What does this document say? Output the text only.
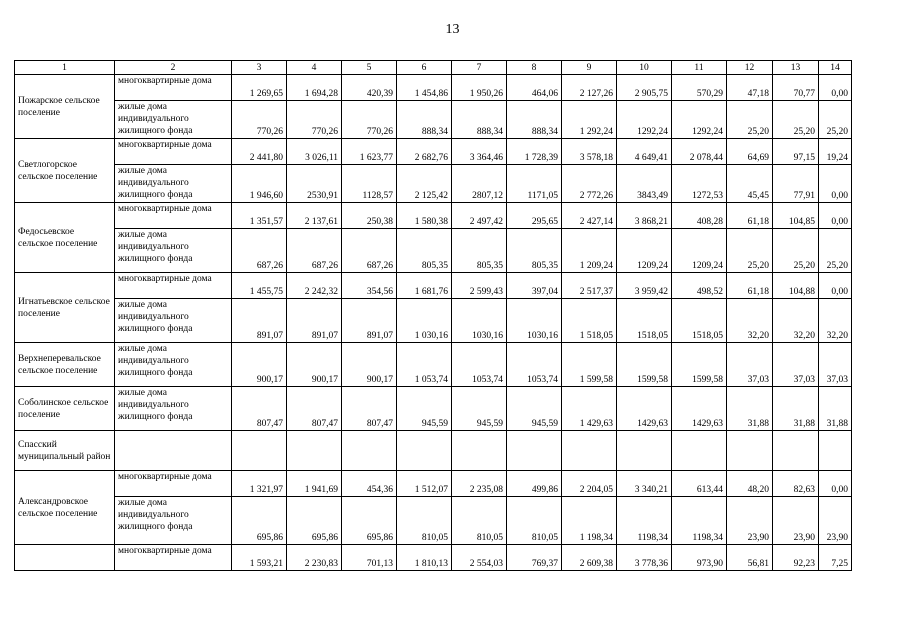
13
1	2	3	4	5	6	7	8	9	10	11	12	13	14
Пожарское сельское поселение	многоквартирные дома	1 269,65	1 694,28	420,39	1 454,86	1 950,26	464,06	2 127,26	2 905,75	570,29	47,18	70,77	0,00
	жилые дома индивидуального жилищного фонда	770,26	770,26	770,26	888,34	888,34	888,34	1 292,24	1292,24	1292,24	25,20	25,20	25,20
Светлогорское сельское поселение	многоквартирные дома	2 441,80	3 026,11	1 623,77	2 682,76	3 364,46	1 728,39	3 578,18	4 649,41	2 078,44	64,69	97,15	19,24
	жилые дома индивидуального жилищного фонда	1 946,60	2530,91	1128,57	2 125,42	2807,12	1171,05	2 772,26	3843,49	1272,53	45,45	77,91	0,00
Федосьевское сельское поселение	многоквартирные дома	1 351,57	2 137,61	250,38	1 580,38	2 497,42	295,65	2 427,14	3 868,21	408,28	61,18	104,85	0,00
	жилые дома индивидуального жилищного фонда	687,26	687,26	687,26	805,35	805,35	805,35	1 209,24	1209,24	1209,24	25,20	25,20	25,20
Игнатьевское сельское поселение	многоквартирные дома	1 455,75	2 242,32	354,56	1 681,76	2 599,43	397,04	2 517,37	3 959,42	498,52	61,18	104,88	0,00
	жилые дома индивидуального жилищного фонда	891,07	891,07	891,07	1 030,16	1030,16	1030,16	1 518,05	1518,05	1518,05	32,20	32,20	32,20
Верхнеперевальское сельское поселение	жилые дома индивидуального жилищного фонда	900,17	900,17	900,17	1 053,74	1053,74	1053,74	1 599,58	1599,58	1599,58	37,03	37,03	37,03
Соболинское сельское поселение	жилые дома индивидуального жилищного фонда	807,47	807,47	807,47	945,59	945,59	945,59	1 429,63	1429,63	1429,63	31,88	31,88	31,88
Спасский муниципальный район													
Александровское сельское поселение	многоквартирные дома	1 321,97	1 941,69	454,36	1 512,07	2 235,08	499,86	2 204,05	3 340,21	613,44	48,20	82,63	0,00
	жилые дома индивидуального жилищного фонда	695,86	695,86	695,86	810,05	810,05	810,05	1 198,34	1198,34	1198,34	23,90	23,90	23,90
	многоквартирные дома	1 593,21	2 230,83	701,13	1 810,13	2 554,03	769,37	2 609,38	3 778,36	973,90	56,81	92,23	7,25
